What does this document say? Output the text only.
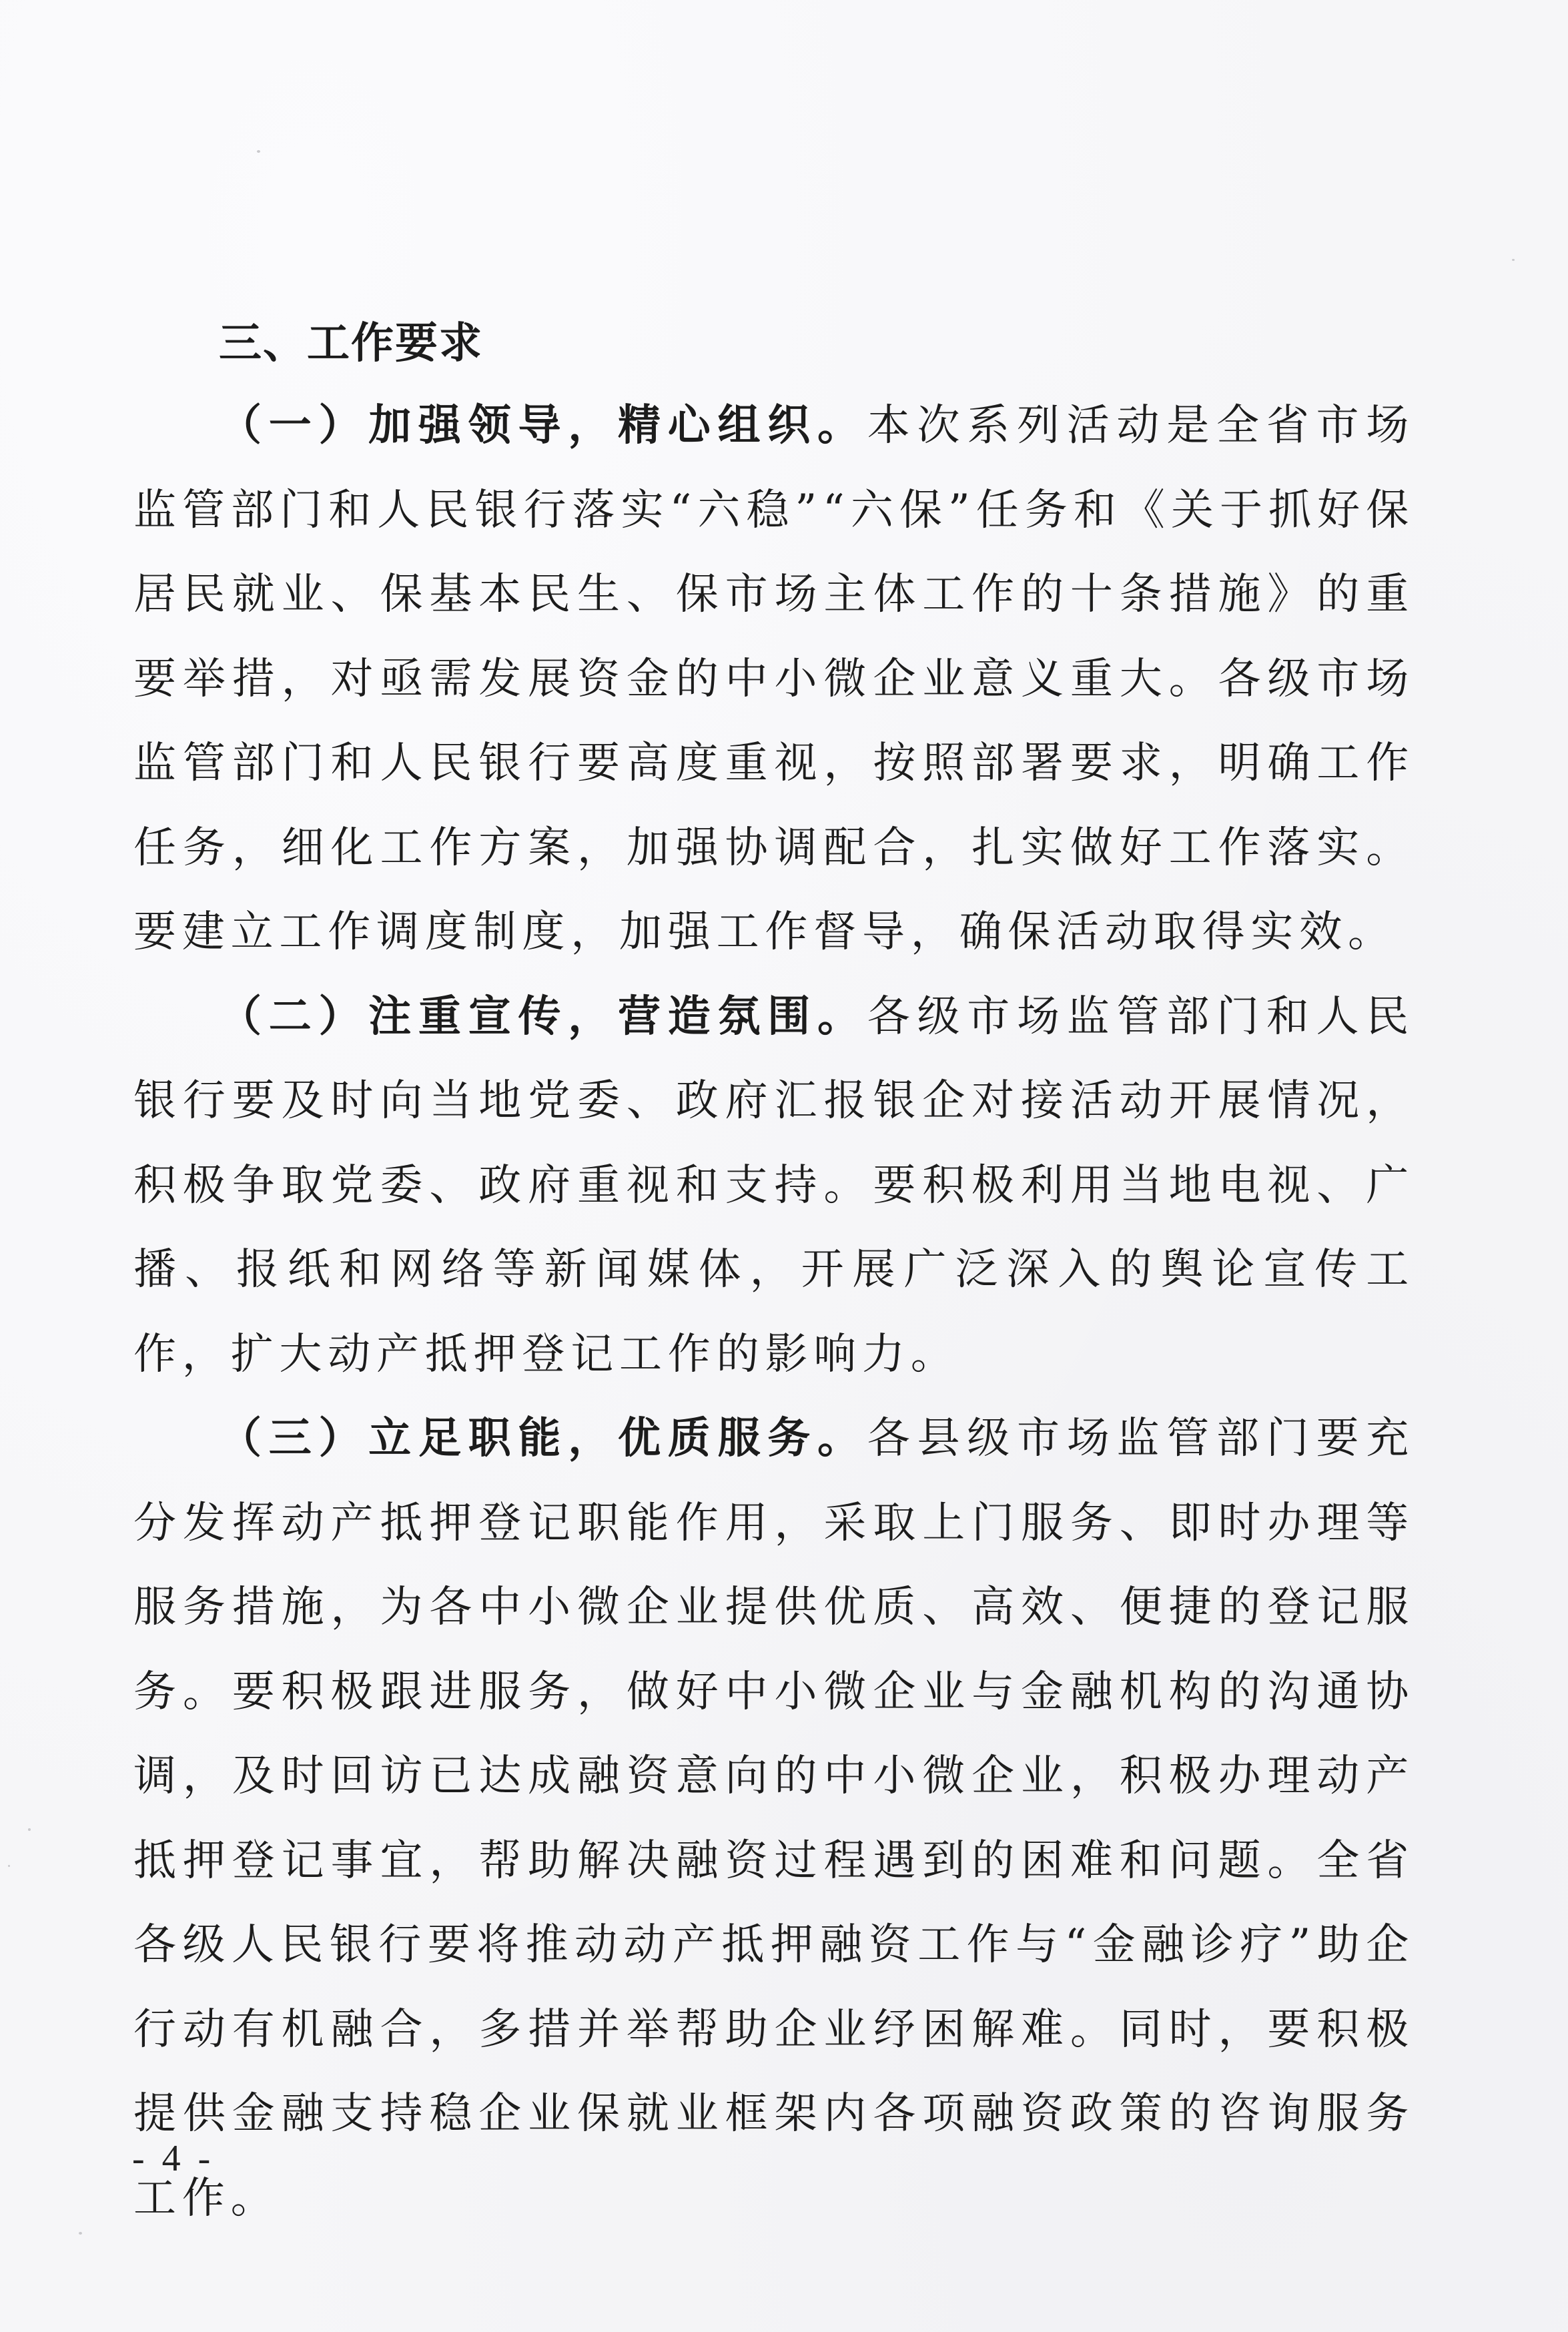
三、工作要求

（一）加强领导，精心组织。本次系列活动是全省市场监管部门和人民银行落实“六稳”“六保”任务和《关于抓好保居民就业、保基本民生、保市场主体工作的十条措施》的重要举措，对亟需发展资金的中小微企业意义重大。各级市场监管部门和人民银行要高度重视，按照部署要求，明确工作任务，细化工作方案，加强协调配合，扎实做好工作落实。要建立工作调度制度，加强工作督导，确保活动取得实效。

（二）注重宣传，营造氛围。各级市场监管部门和人民银行要及时向当地党委、政府汇报银企对接活动开展情况，积极争取党委、政府重视和支持。要积极利用当地电视、广播、报纸和网络等新闻媒体，开展广泛深入的舆论宣传工作，扩大动产抵押登记工作的影响力。

（三）立足职能，优质服务。各县级市场监管部门要充分发挥动产抵押登记职能作用，采取上门服务、即时办理等服务措施，为各中小微企业提供优质、高效、便捷的登记服务。要积极跟进服务，做好中小微企业与金融机构的沟通协调，及时回访已达成融资意向的中小微企业，积极办理动产抵押登记事宜，帮助解决融资过程遇到的困难和问题。全省各级人民银行要将推动动产抵押融资工作与“金融诊疗”助企行动有机融合，多措并举帮助企业纾困解难。同时，要积极提供金融支持稳企业保就业框架内各项融资政策的咨询服务工作。

- 4 -
